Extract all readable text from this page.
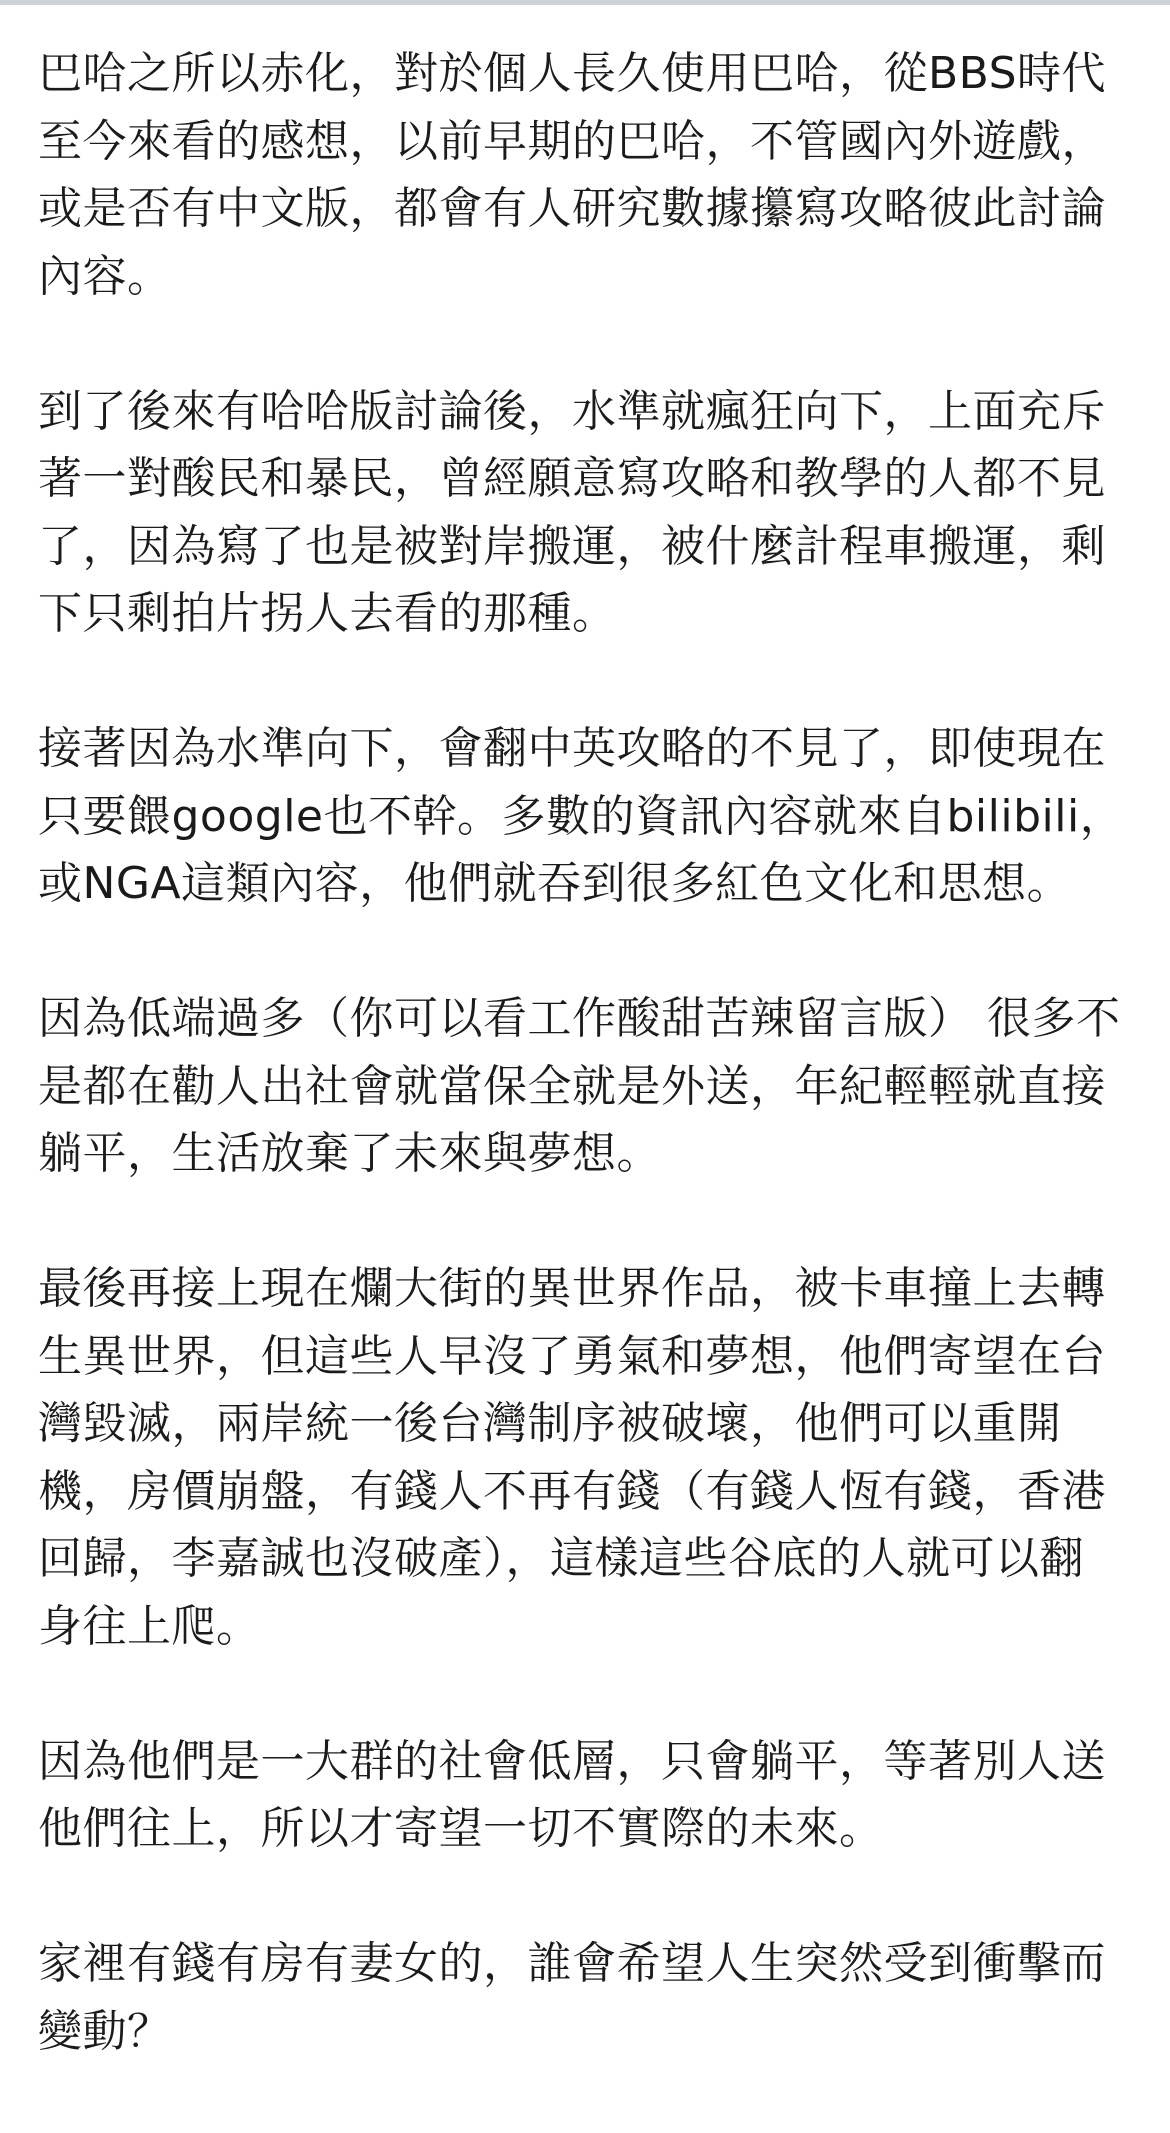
巴哈之所以赤化，對於個人長久使用巴哈，從BBS時代
至今來看的感想，以前早期的巴哈，不管國內外遊戲，
或是否有中文版，都會有人研究數據攥寫攻略彼此討論
內容。

到了後來有哈哈版討論後，水準就瘋狂向下，上面充斥
著一對酸民和暴民，曾經願意寫攻略和教學的人都不見
了，因為寫了也是被對岸搬運，被什麼計程車搬運，剩
下只剩拍片拐人去看的那種。

接著因為水準向下，會翻中英攻略的不見了，即使現在
只要餵google也不幹。多數的資訊內容就來自bilibili，
或NGA這類內容，他們就吞到很多紅色文化和思想。

因為低端過多（你可以看工作酸甜苦辣留言版） 很多不
是都在勸人出社會就當保全就是外送，年紀輕輕就直接
躺平，生活放棄了未來與夢想。

最後再接上現在爛大街的異世界作品，被卡車撞上去轉
生異世界，但這些人早沒了勇氣和夢想，他們寄望在台
灣毀滅，兩岸統一後台灣制序被破壞，他們可以重開
機，房價崩盤，有錢人不再有錢（有錢人恆有錢，香港
回歸，李嘉誠也沒破產），這樣這些谷底的人就可以翻
身往上爬。

因為他們是一大群的社會低層，只會躺平，等著別人送
他們往上，所以才寄望一切不實際的未來。

家裡有錢有房有妻女的，誰會希望人生突然受到衝擊而
變動？
